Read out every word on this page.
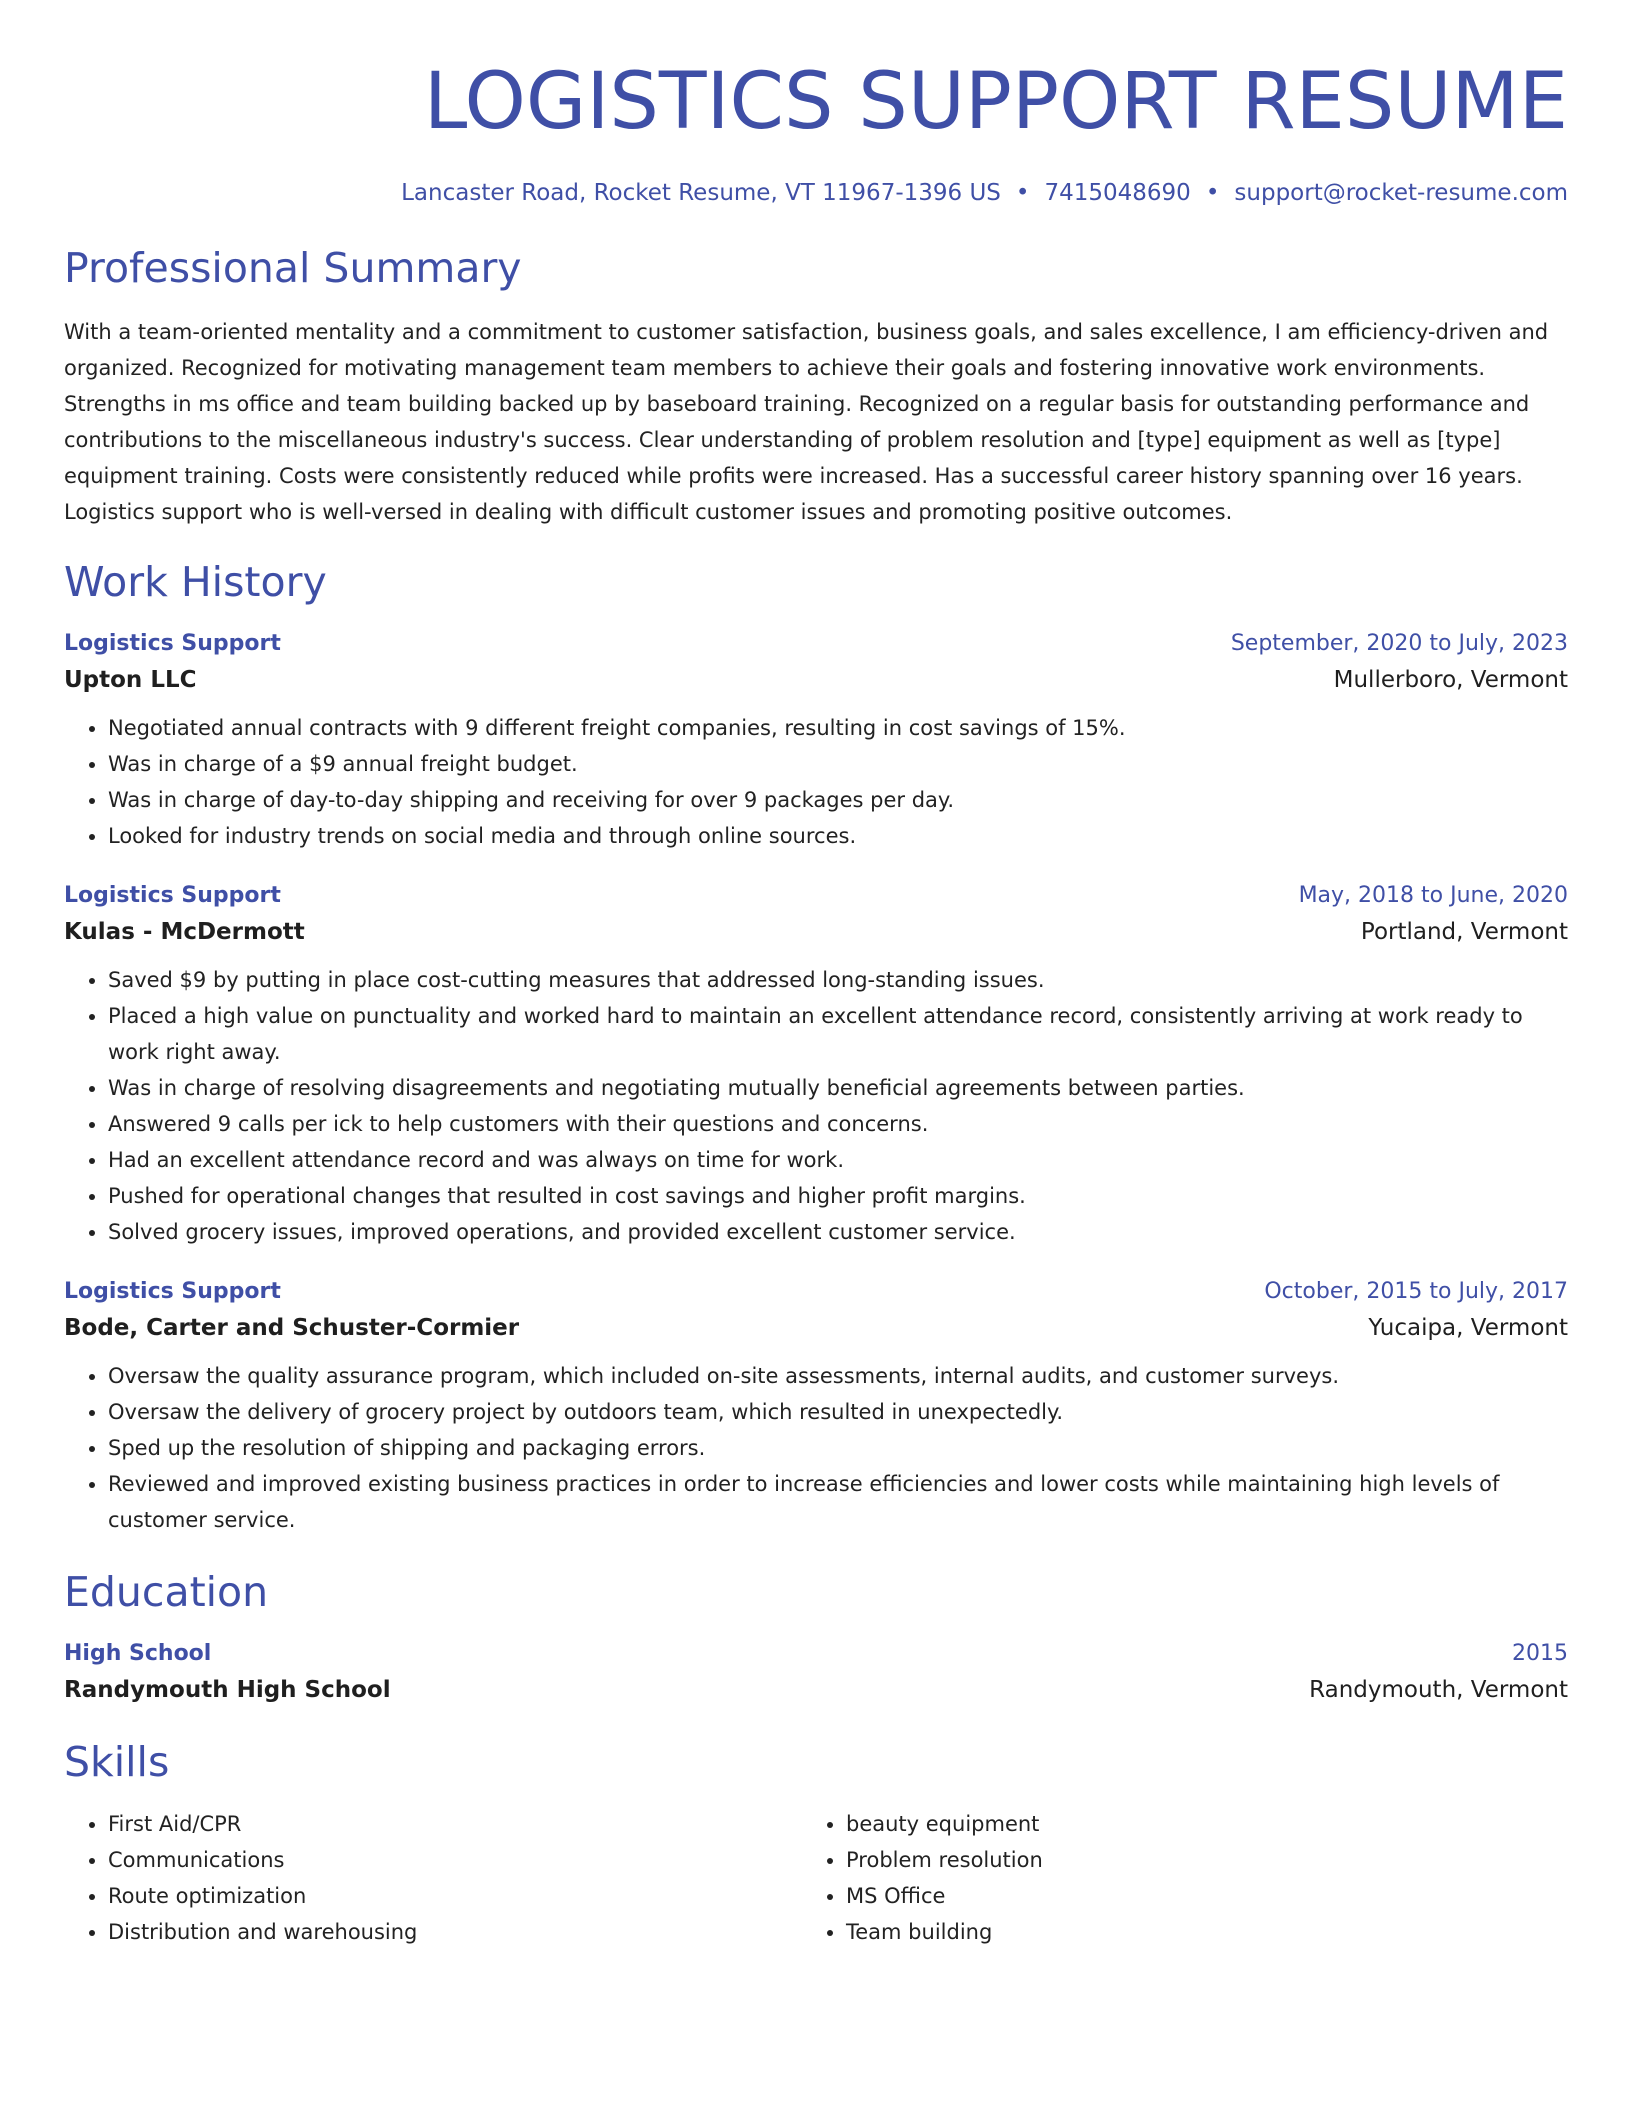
LOGISTICS SUPPORT RESUME
Lancaster Road, Rocket Resume, VT 11967-1396 US • 7415048690 • support@rocket-resume.com
Professional Summary

With a team-oriented mentality and a commitment to customer satisfaction, business goals, and sales excellence, I am efficiency-driven and organized. Recognized for motivating management team members to achieve their goals and fostering innovative work environments. Strengths in ms office and team building backed up by baseboard training. Recognized on a regular basis for outstanding performance and contributions to the miscellaneous industry's success. Clear understanding of problem resolution and [type] equipment as well as [type] equipment training. Costs were consistently reduced while profits were increased. Has a successful career history spanning over 16 years. Logistics support who is well-versed in dealing with difficult customer issues and promoting positive outcomes.

Work History
Logistics Support	September, 2020 to July, 2023
Upton LLC	Mullerboro, Vermont
• Negotiated annual contracts with 9 different freight companies, resulting in cost savings of 15%.
• Was in charge of a $9 annual freight budget.
• Was in charge of day-to-day shipping and receiving for over 9 packages per day.
• Looked for industry trends on social media and through online sources.
Logistics Support	May, 2018 to June, 2020
Kulas - McDermott	Portland, Vermont
• Saved $9 by putting in place cost-cutting measures that addressed long-standing issues.
• Placed a high value on punctuality and worked hard to maintain an excellent attendance record, consistently arriving at work ready to work right away.
• Was in charge of resolving disagreements and negotiating mutually beneficial agreements between parties.
• Answered 9 calls per ick to help customers with their questions and concerns.
• Had an excellent attendance record and was always on time for work.
• Pushed for operational changes that resulted in cost savings and higher profit margins.
• Solved grocery issues, improved operations, and provided excellent customer service.
Logistics Support	October, 2015 to July, 2017
Bode, Carter and Schuster-Cormier	Yucaipa, Vermont
• Oversaw the quality assurance program, which included on-site assessments, internal audits, and customer surveys.
• Oversaw the delivery of grocery project by outdoors team, which resulted in unexpectedly.
• Sped up the resolution of shipping and packaging errors.
• Reviewed and improved existing business practices in order to increase efficiencies and lower costs while maintaining high levels of customer service.
Education
High School	2015
Randymouth High School	Randymouth, Vermont
Skills
• First Aid/CPR
• Communications
• Route optimization
• Distribution and warehousing
• beauty equipment
• Problem resolution
• MS Office
• Team building
